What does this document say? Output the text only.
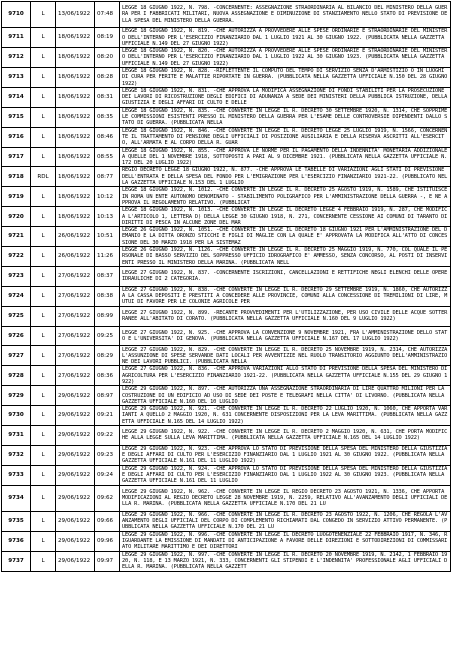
9710	L	13/06/1922	07:48	LEGGE 18 GIUGNO 1922, N. 798. -CONCERNENTE: ASSEGNAZIONE STRAORDINARIA AL BILANCIO DEL MINISTERO DELLA GUERRA PER I FABBRICATI MILITARI, NUOVA ASSEGNAZIONE E DIMINUZIONE DI STANZIAMENTO NELLO STATO DI PREVISIONE DELLA SPESA DEL MINISTERO DELLA GUERRA.
9711	L	18/06/1922	08:19	LEGGE 18 GIUGNO 1922, N. 819. -CHE AUTORIZZA A PROVVEDERE ALLE SPESE ORDINARIE E STRAORDINARIE DEL MINISTERO DELL'INTERNO PER L'ESERCIZIO FINANZIARIO DAL 1 LUGLIO 1921 AL 30 GIUGNO 1922. (PUBBLICATA NELLA GAZZETTA UFFICIALE N.149 DEL 27 GIUGNO 1922)
9712	L	18/06/1922	08:20	LEGGE 18 GIUGNO 1922, N. 820. -CHE AUTORIZZA A PROVVEDERE ALLE SPESE ORDINARIE E STRAORDINARIE DEL MINISTERO DELL'INTERNO PER L'ESERCIZIO FINANZIARIO DAL 1 LUGLIO 1922 AL 30 GIUGNO 1923. (PUBBLICATA NELLA GAZZETTA UFFICIALE N.149 DEL 27 GIUGNO 1922)
9713	L	18/06/1922	08:28	LEGGE 18 GIUGNO 1922, N. 828. -RIFLETTENTE IL COMPUTO DEL TEMPO DI SERVIZIO SENZA D'ARMISTIZIO O IN LUOGHI DI CURA PER FERITE E MALATTIE RIPORTATE IN GUERRA. (PUBBLICATA NELLA GAZZETTA UFFICIALE N.150 DEL 28 GIUGNO 1922)
9714	L	18/06/1922	08:31	LEGGE 18 GIUGNO 1922, N. 831. -CHE APPROVA LA MODIFICA ASSEGNAZIONE DI FONDI STABILITI PER LA PROSECUZIONE DEI LAVORI DI RICOSTRUZIONE DEGLI EDIFICI DI ADUNANZA A SEDE DEI MINISTERI DELLA PUBBLICA ISTRUZIONE, DELLA GIUSTIZIA E DEGLI AFFARI DI CULTO E DELLE
9715	L	18/06/1922	08:35	LEGGE 18 GIUGNO 1922, N. 835. -CHE CONVERTE IN LEGGE IL R. DECRETO 30 SETTEMBRE 1920, N. 1314, CHE SOPPRIME LE COMMISSIONI ESISTENTI PRESSO IL MINISTERO DELLA GUERRA PER L'ESAME DELLE CONTROVERSIE DIPENDENTI DALLO STATO DI GUERRA. (PUBBLICATA NELLA
9716	L	18/06/1922	08:46	LEGGE 18 GIUGNO 1922, N. 846. -CHE CONVERTE IN LEGGE IL R. DECRETO LEGGE 25 LUGLIO 1919, N. 1566, CONCERNENTE IL TRATTAMENTO DI PENSIONE DEGLI UFFICIALI DI POSIZIONE AUSILIARIA E DELLA RISERVA ASCRITTI ALL'ESERCITO, ALL'ARMATA E AL CORPO DELLA R. GUAR
9717	L	18/06/1922	08:55	LEGGE 18 GIUGNO 1922, N. 855. -CHE APPROVA LE NORME PER IL PAGAMENTO DELLA INDENNITA' MONETARIA ADDIZIONALE A QUELLE DEL 1 NOVEMBRE 1918, SOTTOPOSTI A PARI AL 9 DICEMBRE 1921. (PUBBLICATA NELLA GAZZETTA UFFICIALE N.172 DEL 20 LUGLIO 1922)
9718	RDL	18/06/1922	08:77	REGIO DECRETO LEGGE 18 GIUGNO 1922, N. 877. -CHE APPROVA LE TABELLE DI VARIAZIONI AGLI STATI DI PREVISIONE DELL'ENTRATA E DELLA SPESA DEL FONDO PER L'EMIGRAZIONE PER L'ESERCIZIO FINANZIARIO 1921-22. (PUBBLICATO NELLA GAZZETTA UFFICIALE N.153 DEL 1 LUGLIO
9719	L	18/06/1922	10:12	LEGGE 18 GIUGNO 1922, N. 1012. -CHE CONVERTE IN LEGGE IL R. DECRETO 25 AGOSTO 1919, N. 1589, CHE ISTITUISCE IN ROMA UN ENTE AUTONOMO DENOMINATO - STABILIMENTO POLIGRAFICO PER L'AMMINISTRAZIONE DELLA GUERRA -, E NE APPROVA IL REGOLAMENTO RELATIVO. (PUBBLICAT
9720	L	18/06/1922	10:13	LEGGE 18 GIUGNO 1922, N. 1013. -CHE CONVERTE IN LEGGE IL DECRETO LEGGE 4 FEBBRAIO 1919, N. 287, CHE MODIFICA L'ARTICOLO 1, LETTERA D) DELLA LEGGE 30 GIUGNO 1918, N. 271, CONCERNENTE CESSIONE AI COMUNI DI TARANTO DI DIRITTI DI PESCA IN ALCUNE ZONE DEL MAR
9721	L	26/06/1922	10:51	LEGGE 26 GIUGNO 1922, N. 1051. -CHE CONVERTE IN LEGGE IL DECRETO 18 GIUGNO 1921 PER L'AMMINISTRAZIONE DEL DEMANIO E LA DITTA ORONZO STICCHI E FIGLI DI MAGLIE CON LA QUALE E' APPROVATA LA MODIFICA ALL'ATTO DI CONCESSIONE DEL 30 MARZO 1918 PER LA SISTEMAZ
9722	L	26/06/1922	11:26	LEGGE 26 GIUGNO 1922, N. 1126. -CHE CONVERTE IN LEGGE IL R. DECRETO 25 MAGGIO 1919, N. 770, COL QUALE IL PERSONALE DI BASSO SERVIZIO DEL SOPPRESSO UFFICIO IDROGRAFICO E' AMMESSO, SENZA CONCORSO, AL POSTI DI INSERVIENTI PRESSO IL MINISTERO DELLA MARINA. (PUBBLICATA NELL
9723	L	27/06/1922	08:37	LEGGE 27 GIUGNO 1922, N. 837. -CONCERNENTE ISCRIZIONI, CANCELLAZIONI E RETTIFICHE NEGLI ELENCHI DELLE OPERE IDRAULICHE DI 2 CATEGORIA.
9724	L	27/06/1922	08:38	LEGGE 27 GIUGNO 1922, N. 838. -CHE CONVERTE IN LEGGE IL R. DECRETO 29 SETTEMBRE 1919, N. 1860, CHE AUTORIZZA LA CASSA DEPOSITI E PRESTITI A CONCEDERE ALLE PROVINCIE, COMUNI ALLA CONCESSIONE DI TREMILIONI DI LIRE, MUTUI DI FAVORE PER LE COLONIE AGRICOLE PER
9725	L	27/06/1922	08:99	LEGGE 27 GIUGNO 1922, N. 899. -RECANTE PROVVEDIMENTI PER L'UTILIZZAZIONE, PER USO CIVILE DELLE ACQUE SOTTERRANEE ALL'ABITATO DI CORATO. (PUBBLICATA NELLA GAZZETTA UFFICIALE N.160 DEL 9 LUGLIO 1922)
9726	L	27/06/1922	09:25	LEGGE 27 GIUGNO 1922, N. 925. -CHE APPROVA LA CONVENZIONE 9 NOVEMBRE 1921, FRA L'AMMINISTRAZIONE DELLO STATO E L'UNIVERSITA' DI GENOVA. (PUBBLICATA NELLA GAZZETTA UFFICIALE N.167 DEL 17 LUGLIO 1922)
9727	L	27/06/1922	08:29	LEGGE 27 GIUGNO 1922, N. 829. -CHE CONVERTE IN LEGGE IL R. DECRETO 25 NOVEMBRE 1919, N. 2314, CHE AUTORIZZA L'ASSUNZIONE DI SPESE SERVANDE DATI LOCALI PER AVVENTIZIE NEL RUOLO TRANSITORIO AGGIUNTO DELL'AMMINISTRAZIONE DEI LAVORI PUBBLICI. (PUBBLICATA NELLA
9728	L	27/06/1922	08:36	LEGGE 27 GIUGNO 1922, N. 836. -CHE APPROVA VARIAZIONI ALLO STATO DI PREVISIONE DELLA SPESA DEL MINISTERO DI AGRICOLTURA PER L'ESERCIZIO FINANZIARIO 1921-22. (PUBBLICATA NELLA GAZZETTA UFFICIALE N.155 DEL 29 GIUGNO 1922)
9729	L	29/06/1922	08:97	LEGGE 29 GIUGNO 1922, N. 897. -CHE AUTORIZZA UNA ASSEGNAZIONE STRAORDINARIA DI LIRE QUATTRO MILIONI PER LA COSTRUZIONE DI UN EDIFICIO AD USO DI SEDE DEI POSTE E TELEGRAFI NELLA CITTA' DI LIVORNO. (PUBBLICATA NELLA GAZZETTA UFFICIALE N.160 DEL 10 LUGLIO
9730	L	29/06/1922	09:21	LEGGE 29 GIUGNO 1922, N. 921. -CHE CONVERTE IN LEGGE IL R. DECRETO 22 LUGLIO 1920, N. 1060, CHE APPORTA VARIANTI A QUELLO 2 MAGGIO 1920, N. 631 CONCERNENTE DISPOSIZIONI PER LA LEVA MARITTIMA. (PUBBLICATA NELLA GAZZETTA UFFICIALE N.165 DEL 14 LUGLIO 1922)
9731	L	29/06/1922	09:22	LEGGE 29 GIUGNO 1922, N. 922. -CHE CONVERTE IN LEGGE IL R. DECRETO 2 MAGGIO 1920, N. 631, CHE PORTA MODIFICHE ALLA LEGGE SULLA LEVA MARITTIMA. (PUBBLICATA NELLA GAZZETTA UFFICIALE N.165 DEL 14 LUGLIO 1922)
9732	L	29/06/1922	09:23	LEGGE 29 GIUGNO 1922, N. 923. -CHE APPROVA LO STATO DI PREVISIONE DELLA SPESA DEL MINISTERO DELLA GIUSTIZIA E DEGLI AFFARI DI CULTO PER L'ESERCIZIO FINANZIARIO DAL 1 LUGLIO 1921 AL 30 GIUGNO 1922. (PUBBLICATA NELLA GAZZETTA UFFICIALE N.161 DEL 11 LUGLIO 1922)
9733	L	29/06/1922	09:24	LEGGE 29 GIUGNO 1922, N. 924. -CHE APPROVA LO STATO DI PREVISIONE DELLA SPESA DEL MINISTERO DELLA GIUSTIZIA E DEGLI AFFARI DI CULTO PER L'ESERCIZIO FINANZIARIO DAL 1 LUGLIO 1922 AL 30 GIUGNO 1923. (PUBBLICATA NELLA GAZZETTA UFFICIALE N.161 DEL 11 LUGLIO
9734	L	29/06/1922	09:62	LEGGE 29 GIUGNO 1922, N. 962. -CHE CONVERTE IN LEGGE IL REGIO DECRETO 23 AGOSTO 1921, N. 1336, CHE APPORTA MODIFICAZIONI AL REGIO DECRETO LEGGE 28 NOVEMBRE 1919, N. 2259, RELATIVO ALL'AVANZAMENTO DEGLI UFFICIALI DELLA R. MARINA. (PUBBLICATA NELLA GAZZETTA UFFICIALE N.170 DEL 21 LU
9735	L	29/06/1922	09:66	LEGGE 29 GIUGNO 1922, N. 966. -CHE CONVERTE IN LEGGE IL R. DECRETO 23 AGOSTO 1922, N. 1206, CHE REGOLA L'AVANZAMENTO DEGLI UFFICIALI DEL CORPO DI COMPLEMENTO RICHIAMATI DAL CONGEDO IN SERVIZIO ATTIVO PERMANENTE. (PUBBLICATA NELLA GAZZETTA UFFICIALE N.170 DEL 21 LU
9736	L	29/06/1922	09:96	LEGGE 29 GIUGNO 1922, N. 996. -CHE CONVERTE IN LEGGE IL DECRETO LUOGOTENENZIALE 22 FEBBRAIO 1917, N. 346, RIGUARDANTE LA EMISSIONE DI MANDATI DI ANTICIPAZIONE A FAVORE DELLE DIREZIONI E SOTTODIREZIONI DI COMMISSARIATO MILITARE MARITTIMO E DEI DIRETTORI
9737	L	29/06/1922	09:97	LEGGE 29 GIUGNO 1922, N. 997. -CHE CONVERTE IN LEGGE IL R. DECRETO 20 NOVEMBRE 1919, N. 2142, 1 FEBBRAIO 1920, N. 118, E 13 MARZO 1921, N. 333, CONCERNENTI GLI STIPENDI E L'INDENNITA' PROFESSIONALE AGLI UFFICIALI DELLA R. MARINA. (PUBBLICATA NELLA GAZZETT
